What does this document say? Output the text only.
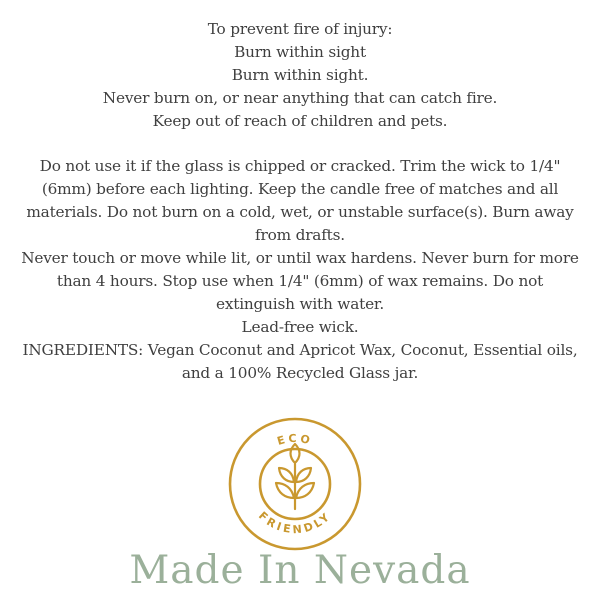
To prevent fire of injury:
Burn within sight
Burn within sight.
Never burn on, or near anything that can catch fire.
Keep out of reach of children and pets.
Do not use it if the glass is chipped or cracked. Trim the wick to 1/4" (6mm) before each lighting. Keep the candle free of matches and all materials. Do not burn on a cold, wet, or unstable surface(s). Burn away from drafts.
Never touch or move while lit, or until wax hardens. Never burn for more than 4 hours. Stop use when 1/4" (6mm) of wax remains. Do not extinguish with water.
Lead-free wick.
INGREDIENTS: Vegan Coconut and Apricot Wax, Coconut, Essential oils, and a 100% Recycled Glass jar.
ECO
FRIENDLY
Made In Nevada
